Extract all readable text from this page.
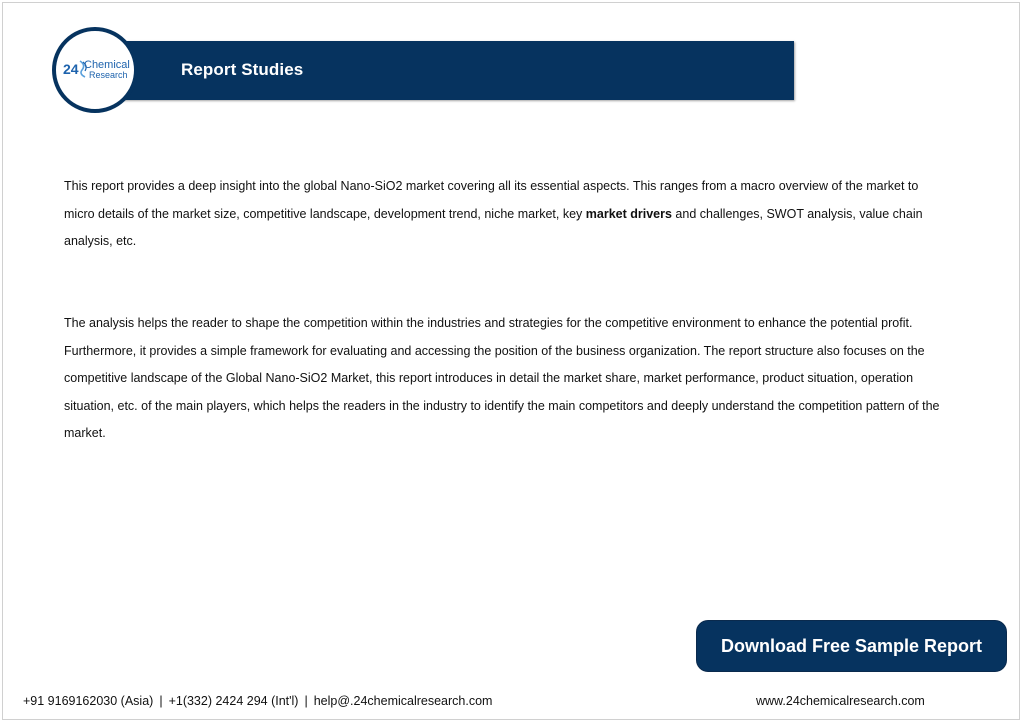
Report Studies
24 Chemical
Research
This report provides a deep insight into the global Nano-SiO2 market covering all its essential aspects. This ranges from a macro overview of the market to micro details of the market size, competitive landscape, development trend, niche market, key market drivers and challenges, SWOT analysis, value chain analysis, etc.
The analysis helps the reader to shape the competition within the industries and strategies for the competitive environment to enhance the potential profit. Furthermore, it provides a simple framework for evaluating and accessing the position of the business organization. The report structure also focuses on the competitive landscape of the Global Nano-SiO2 Market, this report introduces in detail the market share, market performance, product situation, operation situation, etc. of the main players, which helps the readers in the industry to identify the main competitors and deeply understand the competition pattern of the market.
Download Free Sample Report
+91 9169162030 (Asia) | +1(332) 2424 294 (Int'l) | help@.24chemicalresearch.com	www.24chemicalresearch.com
